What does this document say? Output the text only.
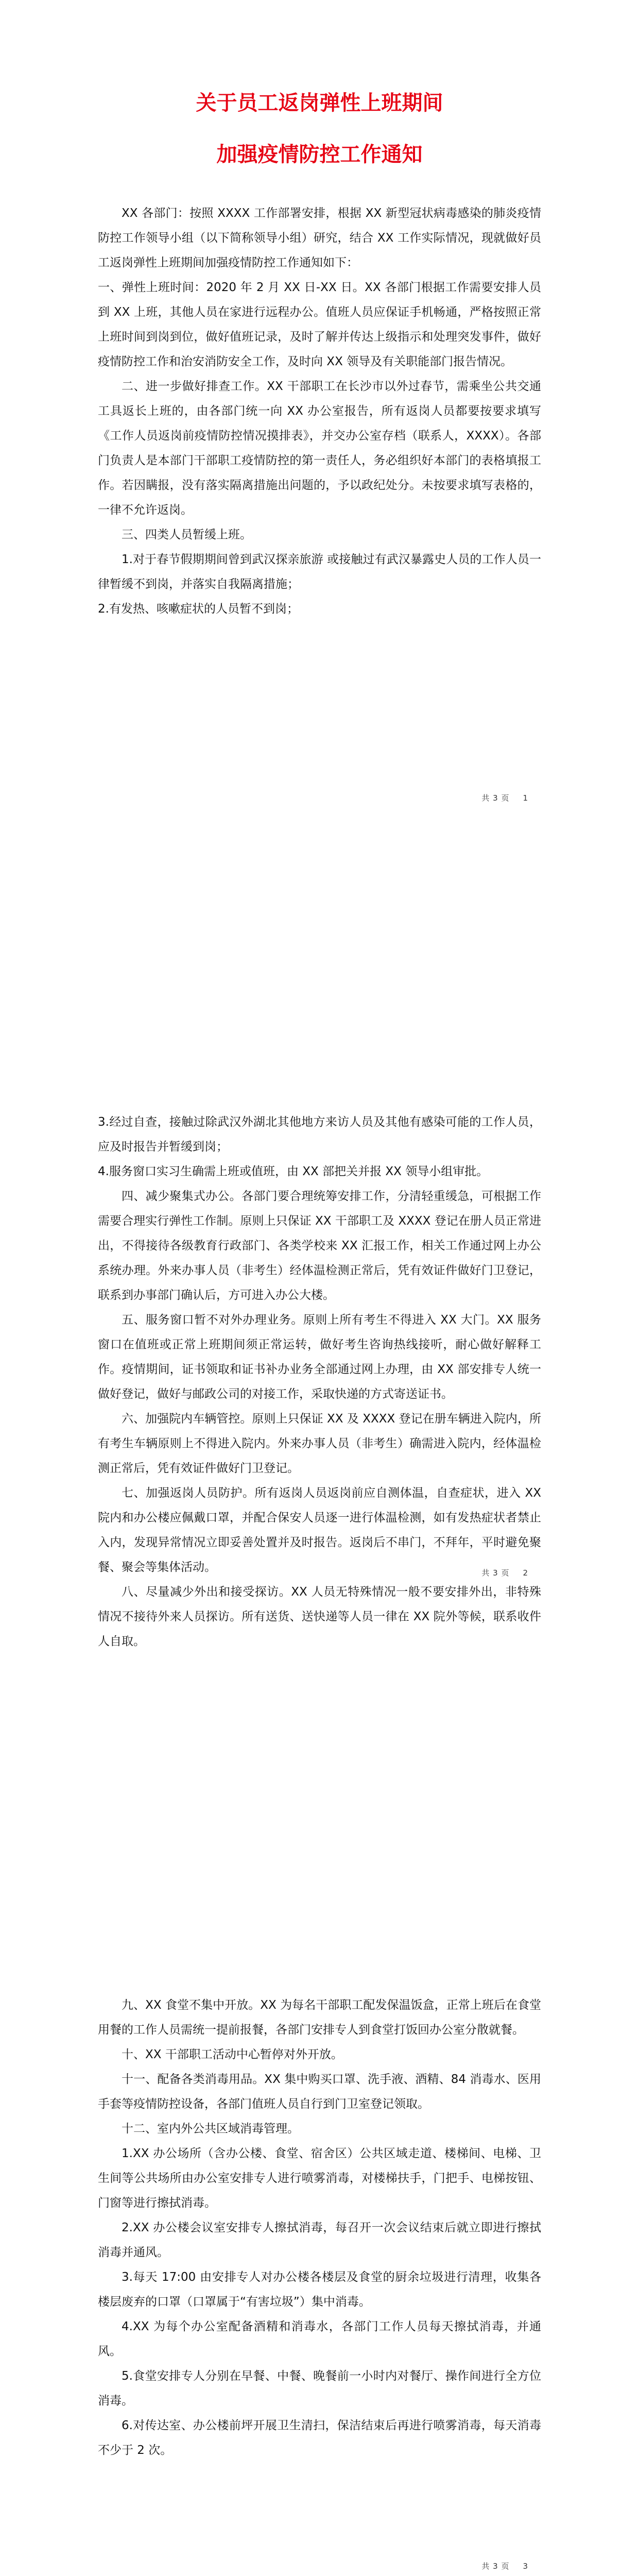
关于员工返岗弹性上班期间
加强疫情防控工作通知

XX 各部门：按照 XXXX 工作部署安排，根据 XX 新型冠状病毒感染的肺炎疫情防控工作领导小组（以下简称领导小组）研究，结合 XX 工作实际情况，现就做好员工返岗弹性上班期间加强疫情防控工作通知如下：

一、弹性上班时间：2020 年 2 月 XX 日-XX 日。XX 各部门根据工作需要安排人员到 XX 上班，其他人员在家进行远程办公。值班人员应保证手机畅通，严格按照正常上班时间到岗到位，做好值班记录，及时了解并传达上级指示和处理突发事件，做好疫情防控工作和治安消防安全工作，及时向 XX 领导及有关职能部门报告情况。

二、进一步做好排查工作。XX 干部职工在长沙市以外过春节，需乘坐公共交通工具返长上班的，由各部门统一向 XX 办公室报告，所有返岗人员都要按要求填写《工作人员返岗前疫情防控情况摸排表》，并交办公室存档（联系人，XXXX）。各部门负责人是本部门干部职工疫情防控的第一责任人，务必组织好本部门的表格填报工作。若因瞒报，没有落实隔离措施出问题的，予以政纪处分。未按要求填写表格的，一律不允许返岗。

三、四类人员暂缓上班。

1.对于春节假期期间曾到武汉探亲旅游 或接触过有武汉暴露史人员的工作人员一律暂缓不到岗，并落实自我隔离措施；

2.有发热、咳嗽症状的人员暂不到岗；

共 3 页 1

3.经过自查，接触过除武汉外湖北其他地方来访人员及其他有感染可能的工作人员，应及时报告并暂缓到岗；

4.服务窗口实习生确需上班或值班，由 XX 部把关并报 XX 领导小组审批。

四、减少聚集式办公。各部门要合理统筹安排工作，分清轻重缓急，可根据工作需要合理实行弹性工作制。原则上只保证 XX 干部职工及 XXXX 登记在册人员正常进出，不得接待各级教育行政部门、各类学校来 XX 汇报工作，相关工作通过网上办公系统办理。外来办事人员（非考生）经体温检测正常后，凭有效证件做好门卫登记，联系到办事部门确认后，方可进入办公大楼。

五、服务窗口暂不对外办理业务。原则上所有考生不得进入 XX 大门。XX 服务窗口在值班或正常上班期间须正常运转，做好考生咨询热线接听，耐心做好解释工作。疫情期间，证书领取和证书补办业务全部通过网上办理，由 XX 部安排专人统一做好登记，做好与邮政公司的对接工作，采取快递的方式寄送证书。

六、加强院内车辆管控。原则上只保证 XX 及 XXXX 登记在册车辆进入院内，所有考生车辆原则上不得进入院内。外来办事人员（非考生）确需进入院内，经体温检测正常后，凭有效证件做好门卫登记。

七、加强返岗人员防护。所有返岗人员返岗前应自测体温，自查症状，进入 XX 院内和办公楼应佩戴口罩，并配合保安人员逐一进行体温检测，如有发热症状者禁止入内，发现异常情况立即妥善处置并及时报告。返岗后不串门，不拜年，平时避免聚餐、聚会等集体活动。

八、尽量减少外出和接受探访。XX 人员无特殊情况一般不要安排外出，非特殊情况不接待外来人员探访。所有送货、送快递等人员一律在 XX 院外等候，联系收件人自取。

共 3 页 2

九、XX 食堂不集中开放。XX 为每名干部职工配发保温饭盒，正常上班后在食堂用餐的工作人员需统一提前报餐，各部门安排专人到食堂打饭回办公室分散就餐。

十、XX 干部职工活动中心暂停对外开放。

十一、配备各类消毒用品。XX 集中购买口罩、洗手液、酒精、84 消毒水、医用手套等疫情防控设备，各部门值班人员自行到门卫室登记领取。

十二、室内外公共区域消毒管理。

1.XX 办公场所（含办公楼、食堂、宿舍区）公共区域走道、楼梯间、电梯、卫生间等公共场所由办公室安排专人进行喷雾消毒，对楼梯扶手，门把手、电梯按钮、门窗等进行擦拭消毒。

2.XX 办公楼会议室安排专人擦拭消毒，每召开一次会议结束后就立即进行擦拭消毒并通风。

3.每天 17:00 由安排专人对办公楼各楼层及食堂的厨余垃圾进行清理，收集各楼层废弃的口罩（口罩属于“有害垃圾”）集中消毒。

4.XX 为每个办公室配备酒精和消毒水，各部门工作人员每天擦拭消毒，并通风。

5.食堂安排专人分别在早餐、中餐、晚餐前一小时内对餐厅、操作间进行全方位消毒。

6.对传达室、办公楼前坪开展卫生清扫，保洁结束后再进行喷雾消毒，每天消毒不少于 2 次。

共 3 页 3
